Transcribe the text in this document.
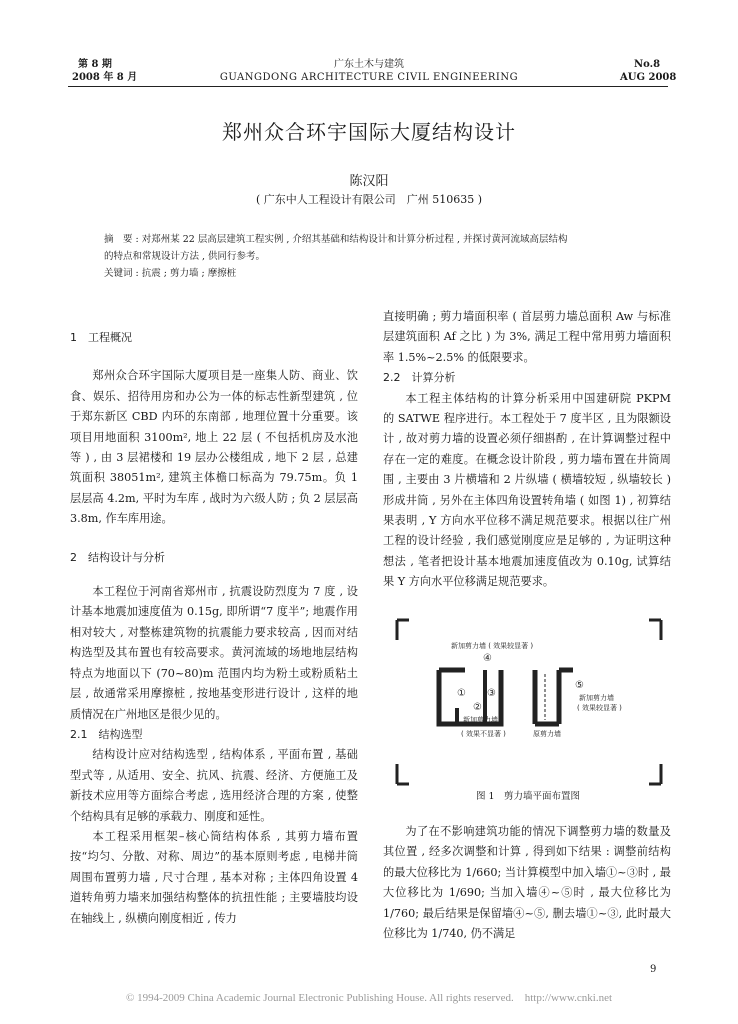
第 8 期
2008 年 8 月
广东土木与建筑
GUANGDONG ARCHITECTURE CIVIL ENGINEERING
No.8
AUG 2008
郑州众合环宇国际大厦结构设计
陈汉阳
( 广东中人工程设计有限公司　广州 510635 )
摘　要 : 对郑州某 22 层高层建筑工程实例 , 介绍其基础和结构设计和计算分析过程 , 并探讨黄河流域高层结构
的特点和常规设计方法 , 供同行参考。
关键词 : 抗震 ; 剪力墙 ; 摩擦桩

1　工程概况

郑州众合环宇国际大厦项目是一座集人防、商业、饮食、娱乐、招待用房和办公为一体的标志性新型建筑 , 位于郑东新区 CBD 内环的东南部 , 地理位置十分重要。该项目用地面积 3100m², 地上 22 层 ( 不包括机房及水池等 ) , 由 3 层裙楼和 19 层办公楼组成 , 地下 2 层 , 总建筑面积 38051m², 建筑主体檐口标高为 79.75m。负 1 层层高 4.2m, 平时为车库 , 战时为六级人防 ; 负 2 层层高 3.8m, 作车库用途。

2　结构设计与分析

本工程位于河南省郑州市 , 抗震设防烈度为 7 度 , 设计基本地震加速度值为 0.15g, 即所谓“7 度半”; 地震作用相对较大 , 对整栋建筑物的抗震能力要求较高 , 因而对结构选型及其布置也有较高要求。黄河流域的场地地层结构特点为地面以下 (70~80)m 范围内均为粉土或粉质粘土层 , 故通常采用摩擦桩 , 按地基变形进行设计 , 这样的地质情况在广州地区是很少见的。

2.1　结构选型

结构设计应对结构选型 , 结构体系 , 平面布置 , 基础型式等 , 从适用、安全、抗风、抗震、经济、方便施工及新技术应用等方面综合考虑 , 选用经济合理的方案 , 使整个结构具有足够的承载力、刚度和延性。

本工程采用框架–核心筒结构体系 , 其剪力墙布置按“均匀、分散、对称、周边”的基本原则考虑 , 电梯井筒周围布置剪力墙 , 尺寸合理 , 基本对称 ; 主体四角设置 4 道转角剪力墙来加强结构整体的抗扭性能 ; 主要墙肢均设在轴线上 , 纵横向刚度相近 , 传力

直接明确 ; 剪力墙面积率 ( 首层剪力墙总面积 Aw 与标准层建筑面积 Af 之比 ) 为 3%, 满足工程中常用剪力墙面积率 1.5%~2.5% 的低限要求。

2.2　计算分析

本工程主体结构的计算分析采用中国建研院 PKPM 的 SATWE 程序进行。本工程处于 7 度半区 , 且为限额设计 , 故对剪力墙的设置必须仔细斟酌 , 在计算调整过程中存在一定的难度。在概念设计阶段 , 剪力墙布置在井筒周围 , 主要由 3 片横墙和 2 片纵墙 ( 横墙较短 , 纵墙较长 ) 形成井筒 , 另外在主体四角设置转角墙 ( 如图 1) , 初算结果表明 , Y 方向水平位移不满足规范要求。根据以往广州工程的设计经验 , 我们感觉刚度应是足够的 , 为证明这种想法 , 笔者把设计基本地震加速度值改为 0.10g, 试算结果 Y 方向水平位移满足规范要求。

新加剪力墙 ( 效果较显著 )
④
① ③
②
新加剪力墙
( 效果不显著 )	原剪力墙
⑤
新加剪力墙
( 效果较显著 )
图 1　剪力墙平面布置图

为了在不影响建筑功能的情况下调整剪力墙的数量及其位置 , 经多次调整和计算 , 得到如下结果 : 调整前结构的最大位移比为 1/660; 当计算模型中加入墙①~③时 , 最大位移比为 1/690; 当加入墙④~⑤时 , 最大位移比为 1/760; 最后结果是保留墙④~⑤, 删去墙①~③, 此时最大位移比为 1/740, 仍不满足

9
© 1994-2009 China Academic Journal Electronic Publishing House. All rights reserved.　http://www.cnki.net
